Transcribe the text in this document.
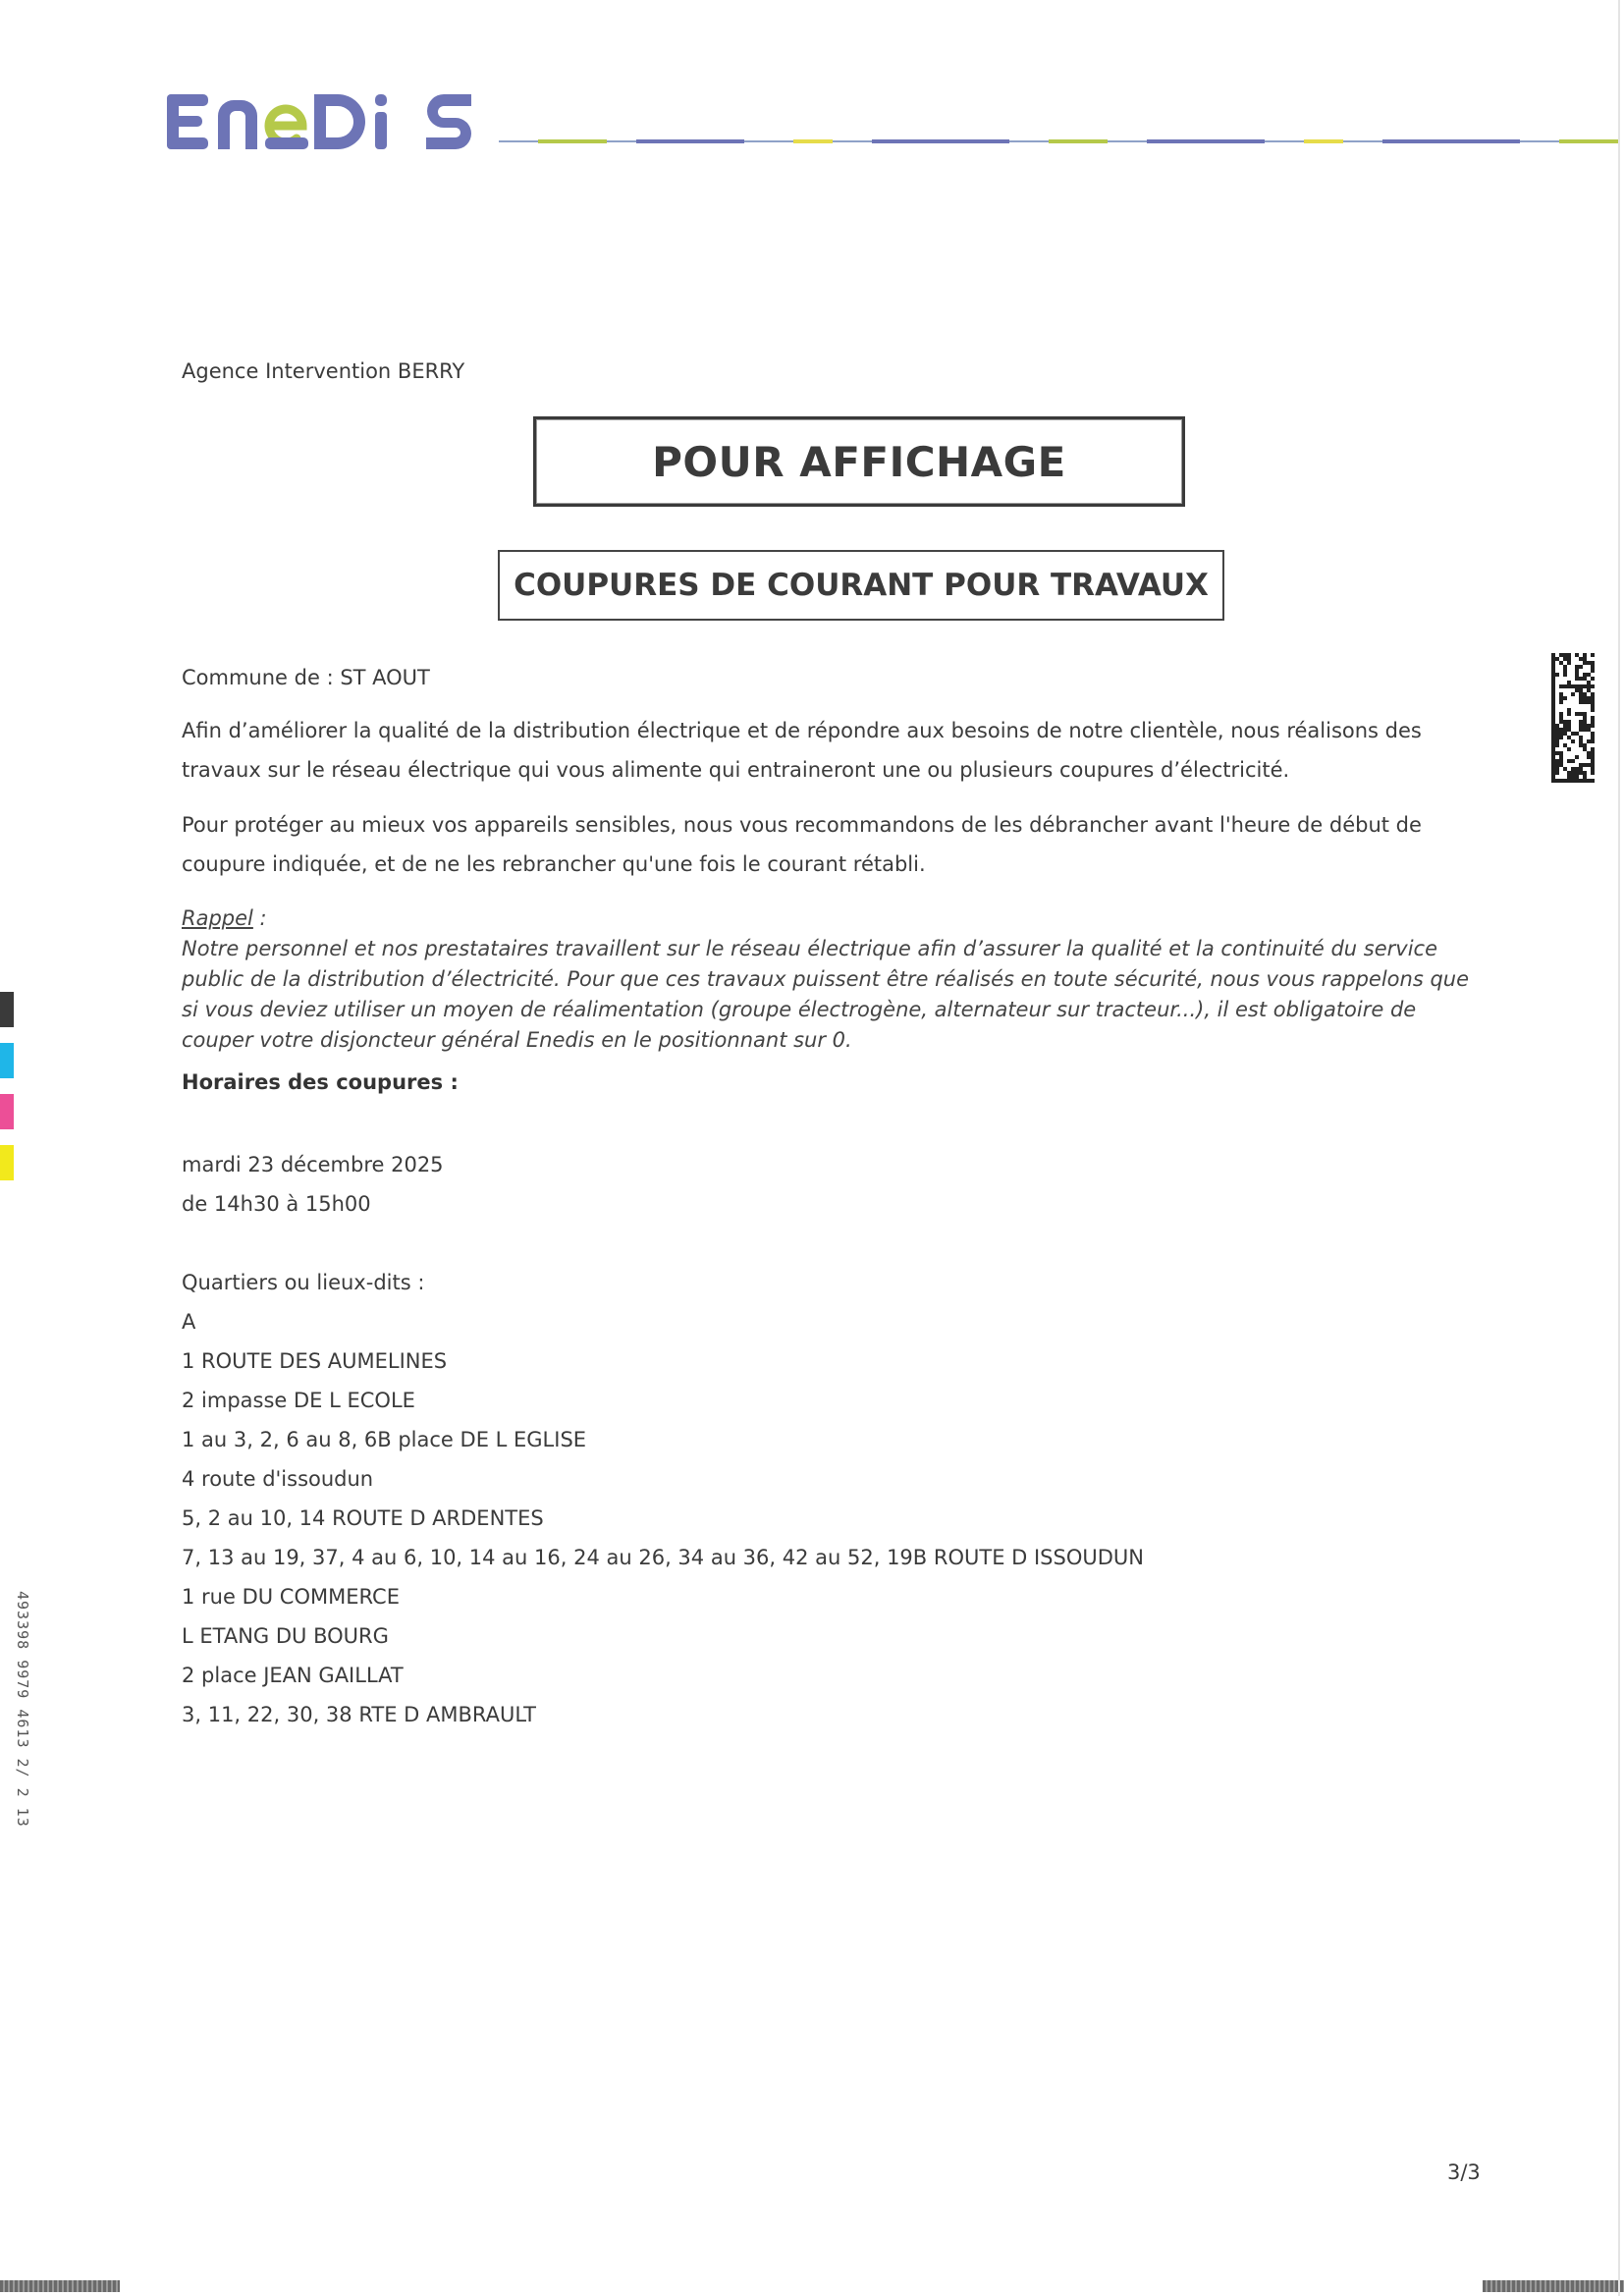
Agence Intervention BERRY
POUR AFFICHAGE
COUPURES DE COURANT POUR TRAVAUX
Commune de : ST AOUT
Afin d’améliorer la qualité de la distribution électrique et de répondre aux besoins de notre clientèle, nous réalisons des travaux sur le réseau électrique qui vous alimente qui entraineront une ou plusieurs coupures d’électricité.
Pour protéger au mieux vos appareils sensibles, nous vous recommandons de les débrancher avant l'heure de début de coupure indiquée, et de ne les rebrancher qu'une fois le courant rétabli.
Rappel :
Notre personnel et nos prestataires travaillent sur le réseau électrique afin d’assurer la qualité et la continuité du service public de la distribution d’électricité. Pour que ces travaux puissent être réalisés en toute sécurité, nous vous rappelons que si vous deviez utiliser un moyen de réalimentation (groupe électrogène, alternateur sur tracteur...), il est obligatoire de couper votre disjoncteur général Enedis en le positionnant sur 0.
Horaires des coupures :
mardi 23 décembre 2025
de 14h30 à 15h00
Quartiers ou lieux-dits :
A
1 ROUTE DES AUMELINES
2 impasse DE L ECOLE
1 au 3, 2, 6 au 8, 6B place DE L EGLISE
4 route d'issoudun
5, 2 au 10, 14 ROUTE D ARDENTES
7, 13 au 19, 37, 4 au 6, 10, 14 au 16, 24 au 26, 34 au 36, 42 au 52, 19B ROUTE D ISSOUDUN
1 rue DU COMMERCE
L ETANG DU BOURG
2 place JEAN GAILLAT
3, 11, 22, 30, 38 RTE D AMBRAULT
3/3
493398 9979 4613 2/ 2 13
